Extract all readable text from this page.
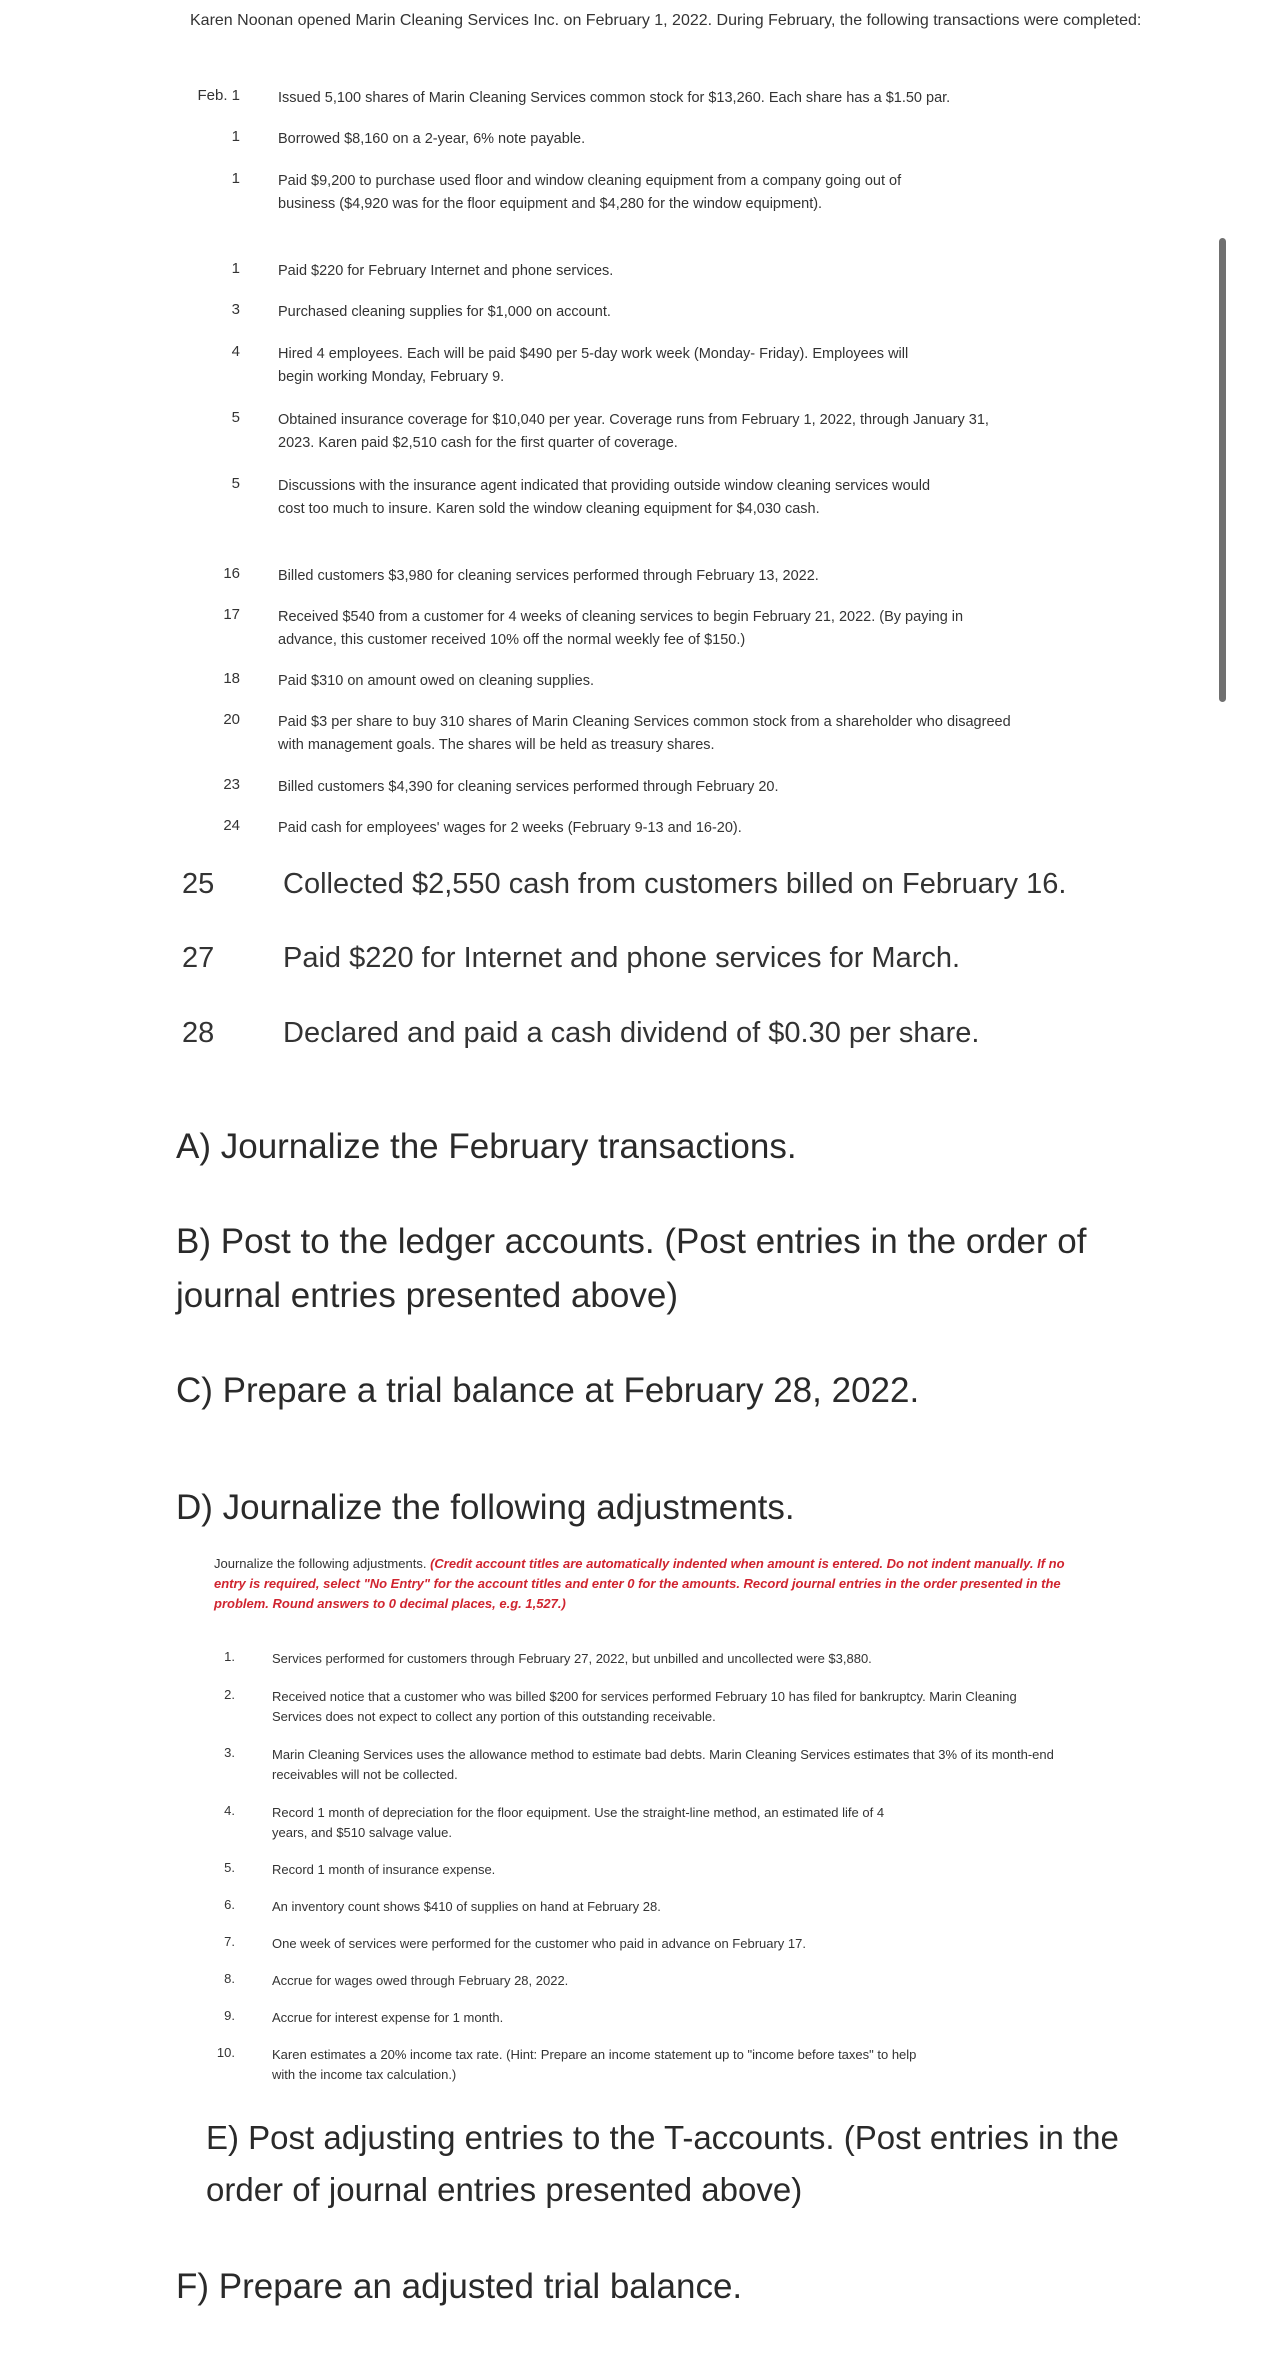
Karen Noonan opened Marin Cleaning Services Inc. on February 1, 2022. During February, the following transactions were completed:
Feb. 1	Issued 5,100 shares of Marin Cleaning Services common stock for $13,260. Each share has a $1.50 par.
1	Borrowed $8,160 on a 2-year, 6% note payable.
1	Paid $9,200 to purchase used floor and window cleaning equipment from a company going out of business ($4,920 was for the floor equipment and $4,280 for the window equipment).
1	Paid $220 for February Internet and phone services.
3	Purchased cleaning supplies for $1,000 on account.
4	Hired 4 employees. Each will be paid $490 per 5-day work week (Monday- Friday). Employees will begin working Monday, February 9.
5	Obtained insurance coverage for $10,040 per year. Coverage runs from February 1, 2022, through January 31, 2023. Karen paid $2,510 cash for the first quarter of coverage.
5	Discussions with the insurance agent indicated that providing outside window cleaning services would cost too much to insure. Karen sold the window cleaning equipment for $4,030 cash.
16	Billed customers $3,980 for cleaning services performed through February 13, 2022.
17	Received $540 from a customer for 4 weeks of cleaning services to begin February 21, 2022. (By paying in advance, this customer received 10% off the normal weekly fee of $150.)
18	Paid $310 on amount owed on cleaning supplies.
20	Paid $3 per share to buy 310 shares of Marin Cleaning Services common stock from a shareholder who disagreed with management goals. The shares will be held as treasury shares.
23	Billed customers $4,390 for cleaning services performed through February 20.
24	Paid cash for employees' wages for 2 weeks (February 9-13 and 16-20).
25 Collected $2,550 cash from customers billed on February 16.
27 Paid $220 for Internet and phone services for March.
28 Declared and paid a cash dividend of $0.30 per share.
A) Journalize the February transactions.
B) Post to the ledger accounts. (Post entries in the order of journal entries presented above)
C) Prepare a trial balance at February 28, 2022.
D) Journalize the following adjustments.
Journalize the following adjustments. (Credit account titles are automatically indented when amount is entered. Do not indent manually. If no entry is required, select "No Entry" for the account titles and enter 0 for the amounts. Record journal entries in the order presented in the problem. Round answers to 0 decimal places, e.g. 1,527.)
1.	Services performed for customers through February 27, 2022, but unbilled and uncollected were $3,880.
2.	Received notice that a customer who was billed $200 for services performed February 10 has filed for bankruptcy. Marin Cleaning Services does not expect to collect any portion of this outstanding receivable.
3.	Marin Cleaning Services uses the allowance method to estimate bad debts. Marin Cleaning Services estimates that 3% of its month-end receivables will not be collected.
4.	Record 1 month of depreciation for the floor equipment. Use the straight-line method, an estimated life of 4 years, and $510 salvage value.
5.	Record 1 month of insurance expense.
6.	An inventory count shows $410 of supplies on hand at February 28.
7.	One week of services were performed for the customer who paid in advance on February 17.
8.	Accrue for wages owed through February 28, 2022.
9.	Accrue for interest expense for 1 month.
10.	Karen estimates a 20% income tax rate. (Hint: Prepare an income statement up to "income before taxes" to help with the income tax calculation.)
E) Post adjusting entries to the T-accounts. (Post entries in the order of journal entries presented above)
F) Prepare an adjusted trial balance.
